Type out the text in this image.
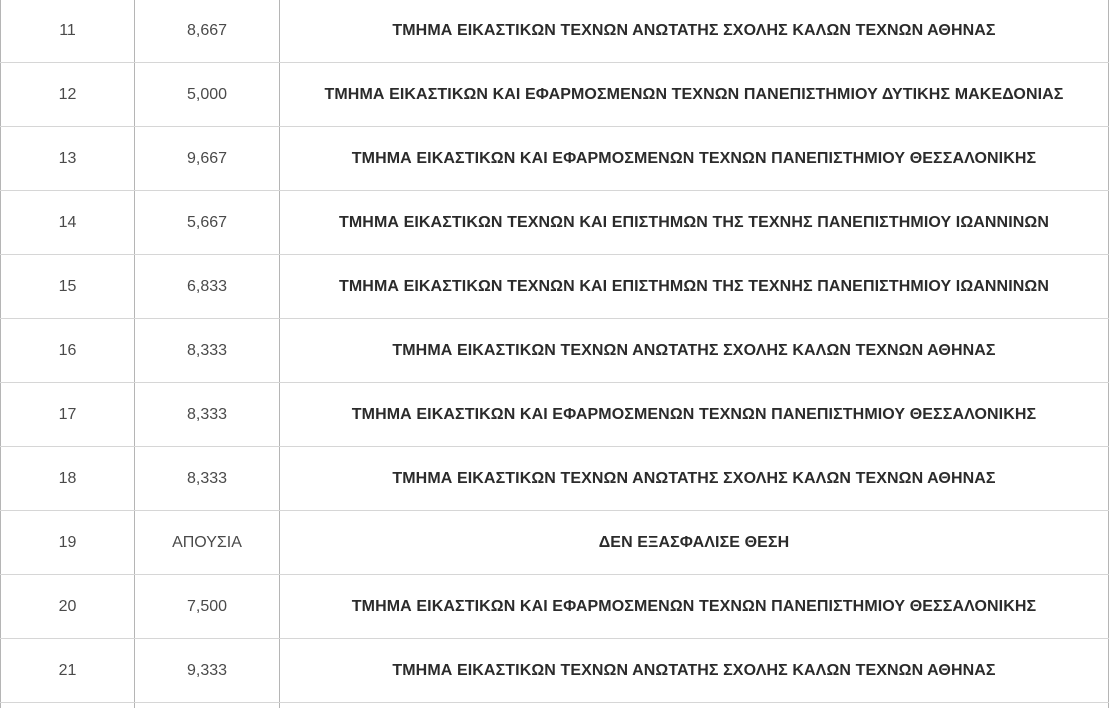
11	8,667	ΤΜΗΜΑ ΕΙΚΑΣΤΙΚΩΝ ΤΕΧΝΩΝ ΑΝΩΤΑΤΗΣ ΣΧΟΛΗΣ ΚΑΛΩΝ ΤΕΧΝΩΝ ΑΘΗΝΑΣ
12	5,000	ΤΜΗΜΑ ΕΙΚΑΣΤΙΚΩΝ ΚΑΙ ΕΦΑΡΜΟΣΜΕΝΩΝ ΤΕΧΝΩΝ ΠΑΝΕΠΙΣΤΗΜΙΟΥ ΔΥΤΙΚΗΣ ΜΑΚΕΔΟΝΙΑΣ
13	9,667	ΤΜΗΜΑ ΕΙΚΑΣΤΙΚΩΝ ΚΑΙ ΕΦΑΡΜΟΣΜΕΝΩΝ ΤΕΧΝΩΝ ΠΑΝΕΠΙΣΤΗΜΙΟΥ ΘΕΣΣΑΛΟΝΙΚΗΣ
14	5,667	ΤΜΗΜΑ ΕΙΚΑΣΤΙΚΩΝ ΤΕΧΝΩΝ ΚΑΙ ΕΠΙΣΤΗΜΩΝ ΤΗΣ ΤΕΧΝΗΣ ΠΑΝΕΠΙΣΤΗΜΙΟΥ ΙΩΑΝΝΙΝΩΝ
15	6,833	ΤΜΗΜΑ ΕΙΚΑΣΤΙΚΩΝ ΤΕΧΝΩΝ ΚΑΙ ΕΠΙΣΤΗΜΩΝ ΤΗΣ ΤΕΧΝΗΣ ΠΑΝΕΠΙΣΤΗΜΙΟΥ ΙΩΑΝΝΙΝΩΝ
16	8,333	ΤΜΗΜΑ ΕΙΚΑΣΤΙΚΩΝ ΤΕΧΝΩΝ ΑΝΩΤΑΤΗΣ ΣΧΟΛΗΣ ΚΑΛΩΝ ΤΕΧΝΩΝ ΑΘΗΝΑΣ
17	8,333	ΤΜΗΜΑ ΕΙΚΑΣΤΙΚΩΝ ΚΑΙ ΕΦΑΡΜΟΣΜΕΝΩΝ ΤΕΧΝΩΝ ΠΑΝΕΠΙΣΤΗΜΙΟΥ ΘΕΣΣΑΛΟΝΙΚΗΣ
18	8,333	ΤΜΗΜΑ ΕΙΚΑΣΤΙΚΩΝ ΤΕΧΝΩΝ ΑΝΩΤΑΤΗΣ ΣΧΟΛΗΣ ΚΑΛΩΝ ΤΕΧΝΩΝ ΑΘΗΝΑΣ
19	ΑΠΟΥΣΙΑ	ΔΕΝ ΕΞΑΣΦΑΛΙΣΕ ΘΕΣΗ
20	7,500	ΤΜΗΜΑ ΕΙΚΑΣΤΙΚΩΝ ΚΑΙ ΕΦΑΡΜΟΣΜΕΝΩΝ ΤΕΧΝΩΝ ΠΑΝΕΠΙΣΤΗΜΙΟΥ ΘΕΣΣΑΛΟΝΙΚΗΣ
21	9,333	ΤΜΗΜΑ ΕΙΚΑΣΤΙΚΩΝ ΤΕΧΝΩΝ ΑΝΩΤΑΤΗΣ ΣΧΟΛΗΣ ΚΑΛΩΝ ΤΕΧΝΩΝ ΑΘΗΝΑΣ
